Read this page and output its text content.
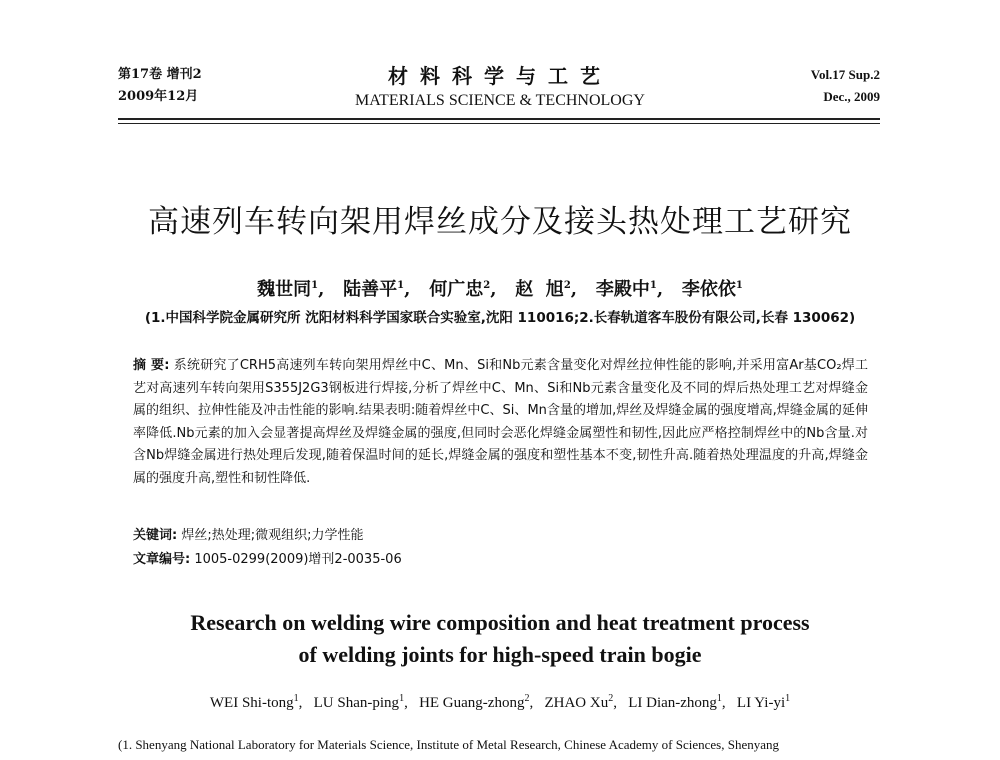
第17卷 增刊2
2009年12月
材料科学与工艺
MATERIALS SCIENCE & TECHNOLOGY
Vol.17 Sup.2
Dec., 2009
高速列车转向架用焊丝成分及接头热处理工艺研究
魏世同$^1$,   陆善平$^1$,   何广忠$^2$,   赵  旭$^2$,   李殿中$^1$,   李依依$^1$
(1.中国科学院金属研究所 沈阳材料科学国家联合实验室,沈阳 110016;2.长春轨道客车股份有限公司,长春 130062)
摘 要: 系统研究了CRH5高速列车转向架用焊丝中C、Mn、Si和Nb元素含量变化对焊丝拉伸性能的影响,并采用富Ar基CO₂焊工艺对高速列车转向架用S355J2G3钢板进行焊接,分析了焊丝中C、Mn、Si和Nb元素含量变化及不同的焊后热处理工艺对焊缝金属的组织、拉伸性能及冲击性能的影响.结果表明:随着焊丝中C、Si、Mn含量的增加,焊丝及焊缝金属的强度增高,焊缝金属的延伸率降低.Nb元素的加入会显著提高焊丝及焊缝金属的强度,但同时会恶化焊缝金属塑性和韧性,因此应严格控制焊丝中的Nb含量.对含Nb焊缝金属进行热处理后发现,随着保温时间的延长,焊缝金属的强度和塑性基本不变,韧性升高.随着热处理温度的升高,焊缝金属的强度升高,塑性和韧性降低.
关键词: 焊丝;热处理;微观组织;力学性能
文章编号: 1005-0299(2009)增刊2-0035-06
Research on welding wire composition and heat treatment process
of welding joints for high-speed train bogie
WEI Shi-tong$^1$,   LU Shan-ping$^1$,   HE Guang-zhong$^2$,   ZHAO Xu$^2$,   LI Dian-zhong$^1$,   LI $Yi-yi^1$
(1. Shenyang National Laboratory for Materials Science, Institute of Metal Research, Chinese Academy of Sciences, Shenyang
